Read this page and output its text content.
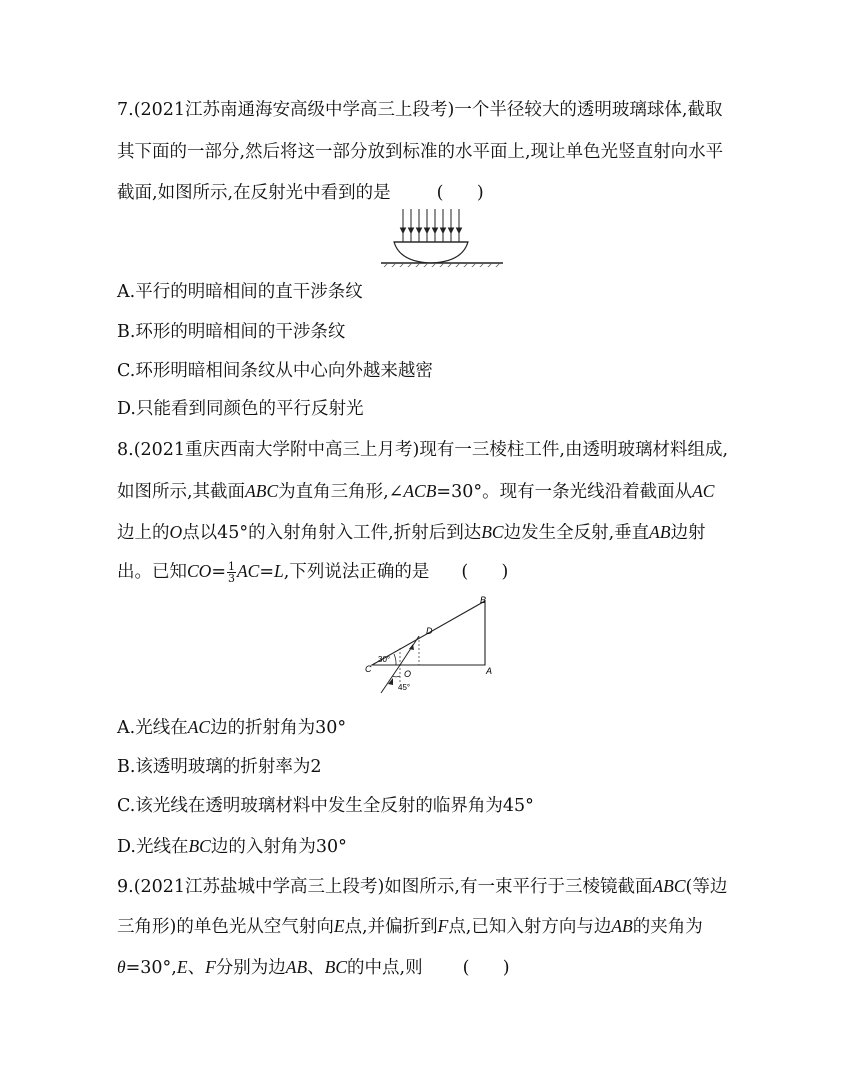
7.(2021江苏南通海安高级中学高三上段考)一个半径较大的透明玻璃球体,截取
其下面的一部分,然后将这一部分放到标准的水平面上,现让单色光竖直射向水平
截面,如图所示,在反射光中看到的是	(      )
A.平行的明暗相间的直干涉条纹
B.环形的明暗相间的干涉条纹
C.环形明暗相间条纹从中心向外越来越密
D.只能看到同颜色的平行反射光
8.(2021重庆西南大学附中高三上月考)现有一三棱柱工件,由透明玻璃材料组成,
如图所示,其截面ABC为直角三角形,∠ACB=30°。现有一条光线沿着截面从AC
边上的O点以45°的入射角射入工件,折射后到达BC边发生全反射,垂直AB边射
出。已知$CO= \frac{1}{3} AC=L$,下列说法正确的是 (      )
B
D
C	A
O
30°
45°
A.光线在AC边的折射角为30°
B.该透明玻璃的折射率为2
C.该光线在透明玻璃材料中发生全反射的临界角为45°
D.光线在BC边的入射角为30°
9.(2021江苏盐城中学高三上段考)如图所示,有一束平行于三棱镜截面ABC(等边
三角形)的单色光从空气射向E点,并偏折到F点,已知入射方向与边AB的夹角为
θ=30°,E、F分别为边AB、BC的中点,则 (      )
